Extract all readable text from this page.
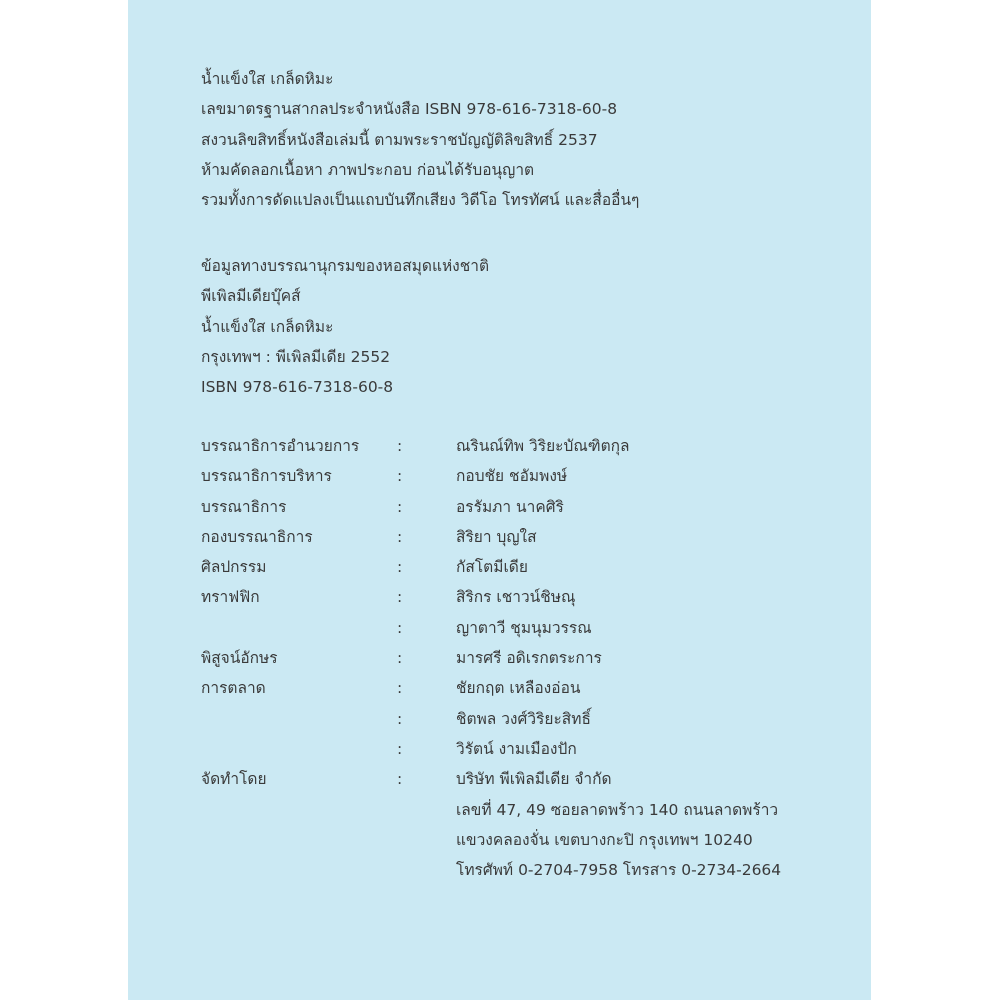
น้ำแข็งใส เกล็ดหิมะ
เลขมาตรฐานสากลประจำหนังสือ ISBN 978-616-7318-60-8
สงวนลิขสิทธิ์หนังสือเล่มนี้ ตามพระราชบัญญัติลิขสิทธิ์ 2537
ห้ามคัดลอกเนื้อหา ภาพประกอบ ก่อนได้รับอนุญาต
รวมทั้งการดัดแปลงเป็นแถบบันทึกเสียง วิดีโอ โทรทัศน์ และสื่ออื่นๆ
ข้อมูลทางบรรณานุกรมของหอสมุดแห่งชาติ
พีเพิลมีเดียบุ๊คส์
น้ำแข็งใส เกล็ดหิมะ
กรุงเทพฯ : พีเพิลมีเดีย 2552
ISBN 978-616-7318-60-8
บรรณาธิการอำนวยการ :	ณรินณ์ทิพ วิริยะบัณฑิตกุล
บรรณาธิการบริหาร	:	กอบชัย ชอัมพงษ์
บรรณาธิการ	:	อรรัมภา นาคศิริ
กองบรรณาธิการ	:	สิริยา บุญใส
ศิลปกรรม	:	กัสโตมีเดีย
ทราฟฟิก	:	สิริกร เชาวน์ชิษณุ
:	ญาตาวี ชุมนุมวรรณ
พิสูจน์อักษร	:	มารศรี อดิเรกตระการ
การตลาด	:	ชัยกฤต เหลืองอ่อน
:	ชิตพล วงศ์วิริยะสิทธิ์
:	วิรัตน์ งามเมืองปัก
จัดทำโดย	:	บริษัท พีเพิลมีเดีย จำกัด
เลขที่ 47, 49 ซอยลาดพร้าว 140 ถนนลาดพร้าว
แขวงคลองจั่น เขตบางกะปิ กรุงเทพฯ 10240
โทรศัพท์ 0-2704-7958 โทรสาร 0-2734-2664
